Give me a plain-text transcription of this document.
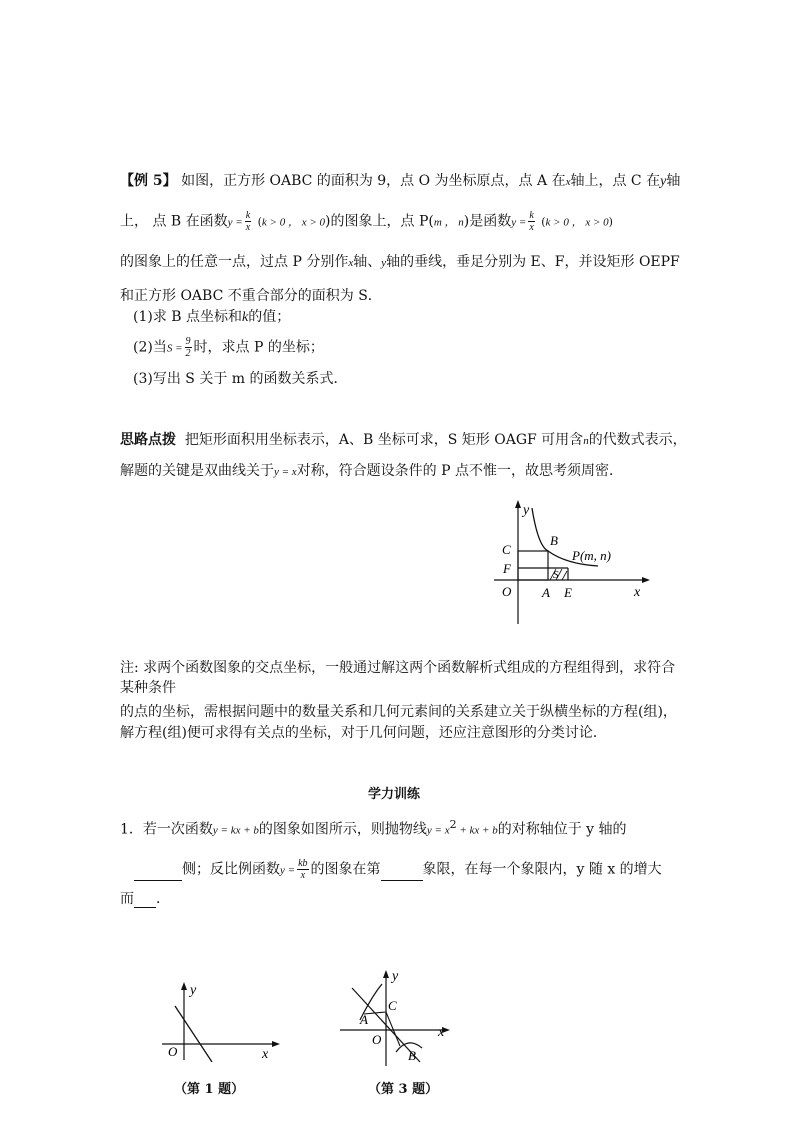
【例 5】 如图，正方形 OABC 的面积为 9，点 O 为坐标原点，点 A 在x轴上，点 C 在y轴
上， 点 B 在函数$y = \frac{k}{x} (k > 0$ ， x > 0)的图象上，点 P(m ， n)是函数$y = \frac{k}{x} (k > 0$ ， x > 0)
的图象上的任意一点，过点 P 分别作x轴、y轴的垂线，垂足分别为 E、F，并设矩形 OEPF
和正方形 OABC 不重合部分的面积为 S．
(1)求 B 点坐标和k的值；
(2)当$S = \frac{9}{2}$ 时，求点 P 的坐标；
(3)写出 S 关于 m 的函数关系式．
思路点拨 把矩形面积用坐标表示，A、B 坐标可求，S 矩形 OAGF 可用含n的代数式表示，
解题的关键是双曲线关于y = x对称，符合题设条件的 P 点不惟一，故思考须周密．
y
x
O A E
C
F
B
S
P(m, n)
注: 求两个函数图象的交点坐标，一般通过解这两个函数解析式组成的方程组得到，求符合
某种条件
的点的坐标，需根据问题中的数量关系和几何元素间的关系建立关于纵横坐标的方程(组)，
解方程(组)便可求得有关点的坐标，对于几何问题，还应注意图形的分类讨论．
学力训练
1．若一次函数y = kx + b的图象如图所示，则抛物线$y = x^2$ + kx + b的对称轴位于 y 轴的
侧；反比例函数$y = \frac{kb}{x}$ 的图象在第	象限，在每一个象限内，y 随 x 的增大
而 ．
y
x
O
（第 1 题）
y
x
O
A
C
B
（第 3 题）
